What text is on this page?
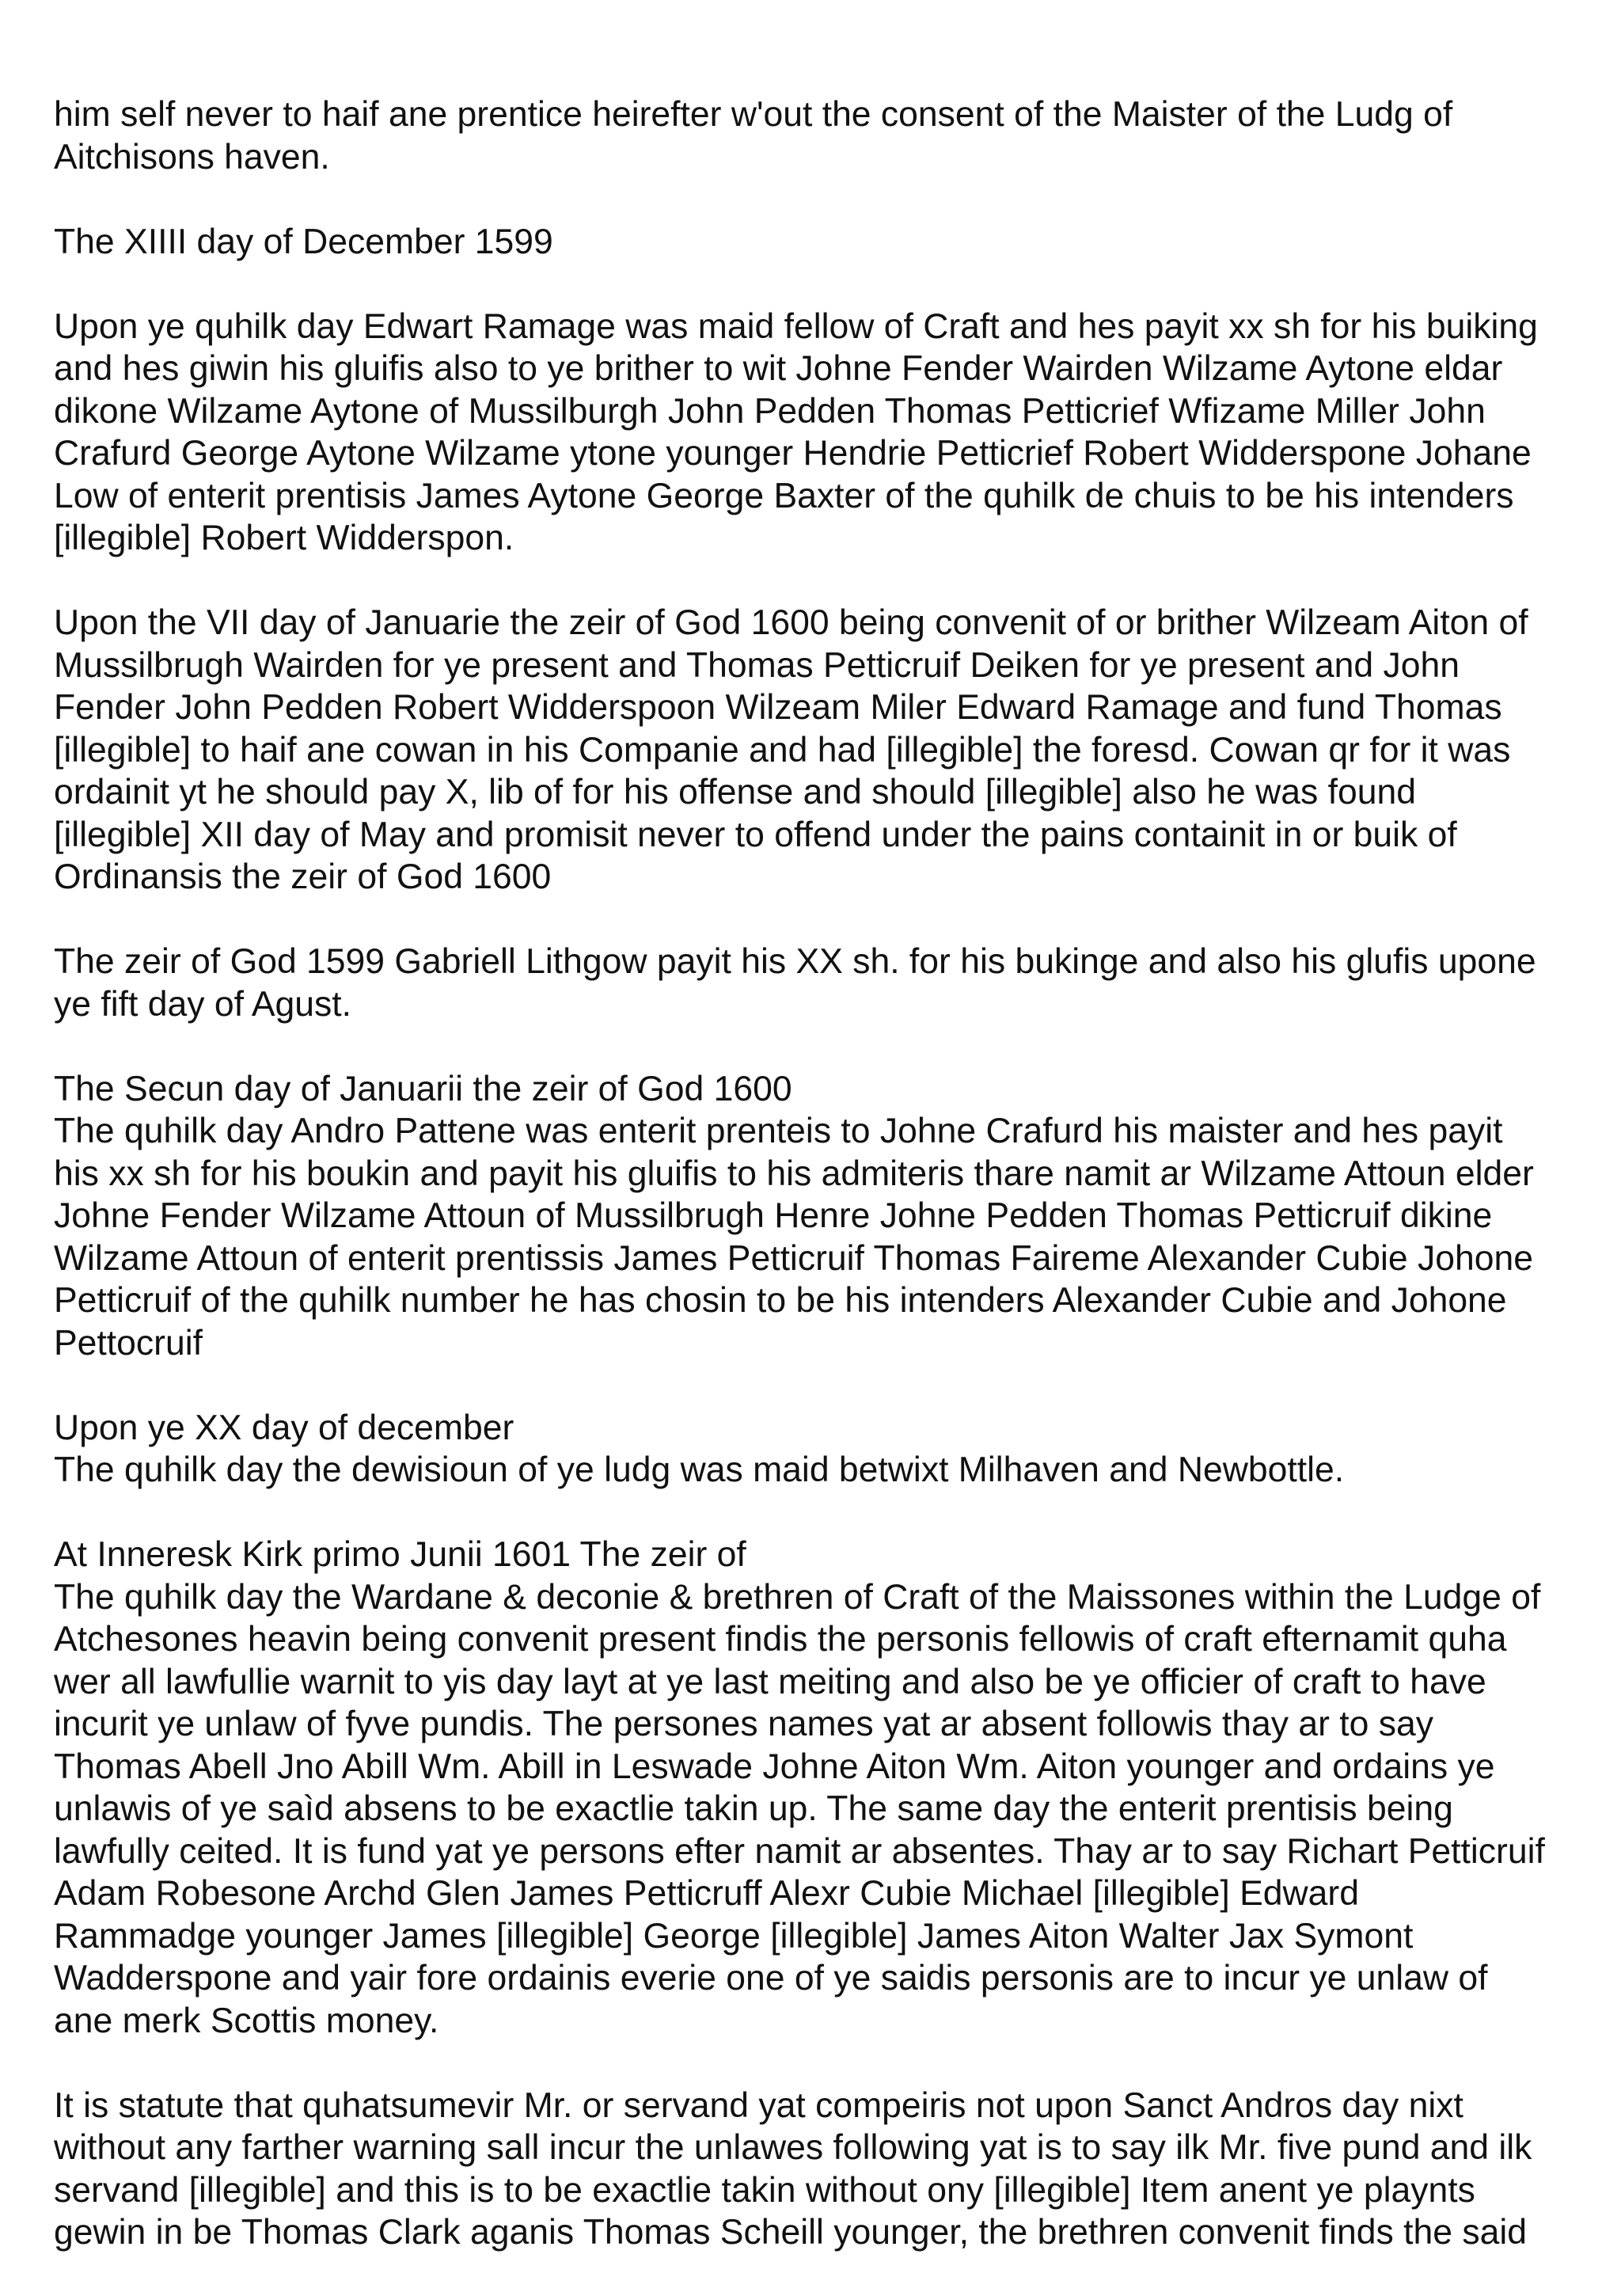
him self never to haif ane prentice heirefter w'out the consent of the Maister of the Ludg of
Aitchisons haven.

The XIIII day of December 1599

Upon ye quhilk day Edwart Ramage was maid fellow of Craft and hes payit xx sh for his buiking
and hes giwin his gluifis also to ye brither to wit Johne Fender Wairden Wilzame Aytone eldar
dikone Wilzame Aytone of Mussilburgh John Pedden Thomas Petticrief Wfizame Miller John
Crafurd George Aytone Wilzame ytone younger Hendrie Petticrief Robert Widderspone Johane
Low of enterit prentisis James Aytone George Baxter of the quhilk de chuis to be his intenders
[illegible] Robert Widderspon.

Upon the VII day of Januarie the zeir of God 1600 being convenit of or brither Wilzeam Aiton of
Mussilbrugh Wairden for ye present and Thomas Petticruif Deiken for ye present and John
Fender John Pedden Robert Widderspoon Wilzeam Miler Edward Ramage and fund Thomas
[illegible] to haif ane cowan in his Companie and had [illegible] the foresd. Cowan qr for it was
ordainit yt he should pay X, lib of for his offense and should [illegible] also he was found
[illegible] XII day of May and promisit never to offend under the pains containit in or buik of
Ordinansis the zeir of God 1600

The zeir of God 1599 Gabriell Lithgow payit his XX sh. for his bukinge and also his glufis upone
ye fift day of Agust.

The Secun day of Januarii the zeir of God 1600
The quhilk day Andro Pattene was enterit prenteis to Johne Crafurd his maister and hes payit
his xx sh for his boukin and payit his gluifis to his admiteris thare namit ar Wilzame Attoun elder
Johne Fender Wilzame Attoun of Mussilbrugh Henre Johne Pedden Thomas Petticruif dikine
Wilzame Attoun of enterit prentissis James Petticruif Thomas Faireme Alexander Cubie Johone
Petticruif of the quhilk number he has chosin to be his intenders Alexander Cubie and Johone
Pettocruif

Upon ye XX day of december
The quhilk day the dewisioun of ye ludg was maid betwixt Milhaven and Newbottle.

At Inneresk Kirk primo Junii 1601 The zeir of
The quhilk day the Wardane & deconie & brethren of Craft of the Maissones within the Ludge of
Atchesones heavin being convenit present findis the personis fellowis of craft efternamit quha
wer all lawfullie warnit to yis day layt at ye last meiting and also be ye officier of craft to have
incurit ye unlaw of fyve pundis. The persones names yat ar absent followis thay ar to say
Thomas Abell Jno Abill Wm. Abill in Leswade Johne Aiton Wm. Aiton younger and ordains ye
unlawis of ye saìd absens to be exactlie takin up. The same day the enterit prentisis being
lawfully ceited. It is fund yat ye persons efter namit ar absentes. Thay ar to say Richart Petticruif
Adam Robesone Archd Glen James Petticruff Alexr Cubie Michael [illegible] Edward
Rammadge younger James [illegible] George [illegible] James Aiton Walter Jax Symont
Wadderspone and yair fore ordainis everie one of ye saidis personis are to incur ye unlaw of
ane merk Scottis money.

It is statute that quhatsumevir Mr. or servand yat compeiris not upon Sanct Andros day nixt
without any farther warning sall incur the unlawes following yat is to say ilk Mr. five pund and ilk
servand [illegible] and this is to be exactlie takin without ony [illegible] Item anent ye playnts
gewin in be Thomas Clark aganis Thomas Scheill younger, the brethren convenit finds the said
